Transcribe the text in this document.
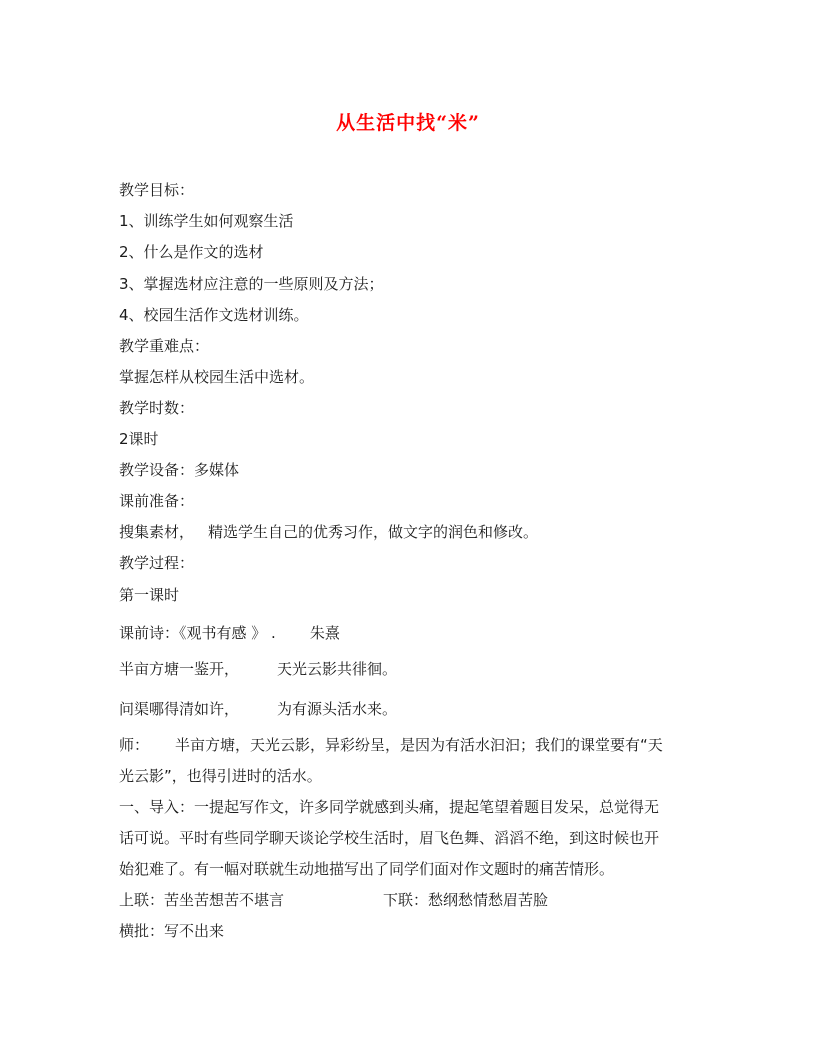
从生活中找“米”
教学目标：
1、训练学生如何观察生活
2、什么是作文的选材
3、掌握选材应注意的一些原则及方法；
4、校园生活作文选材训练。
教学重难点：
掌握怎样从校园生活中选材。
教学时数：
2课时
教学设备：多媒体
课前准备：
搜集素材， 精选学生自己的优秀习作，做文字的润色和修改。
教学过程：
第一课时
课前诗：《观书有感 》 . 朱熹
半亩方塘一鉴开，	天光云影共徘徊。
问渠哪得清如许，	为有源头活水来。
师： 半亩方塘，天光云影，异彩纷呈，是因为有活水汩汩；我们的课堂要有“天
光云影”，也得引进时的活水。
一、导入：一提起写作文，许多同学就感到头痛，提起笔望着题目发呆，总觉得无
话可说。平时有些同学聊天谈论学校生活时，眉飞色舞、滔滔不绝，到这时候也开
始犯难了。有一幅对联就生动地描写出了同学们面对作文题时的痛苦情形。
上联：苦坐苦想苦不堪言	下联：愁纲愁情愁眉苦脸
横批：写不出来
